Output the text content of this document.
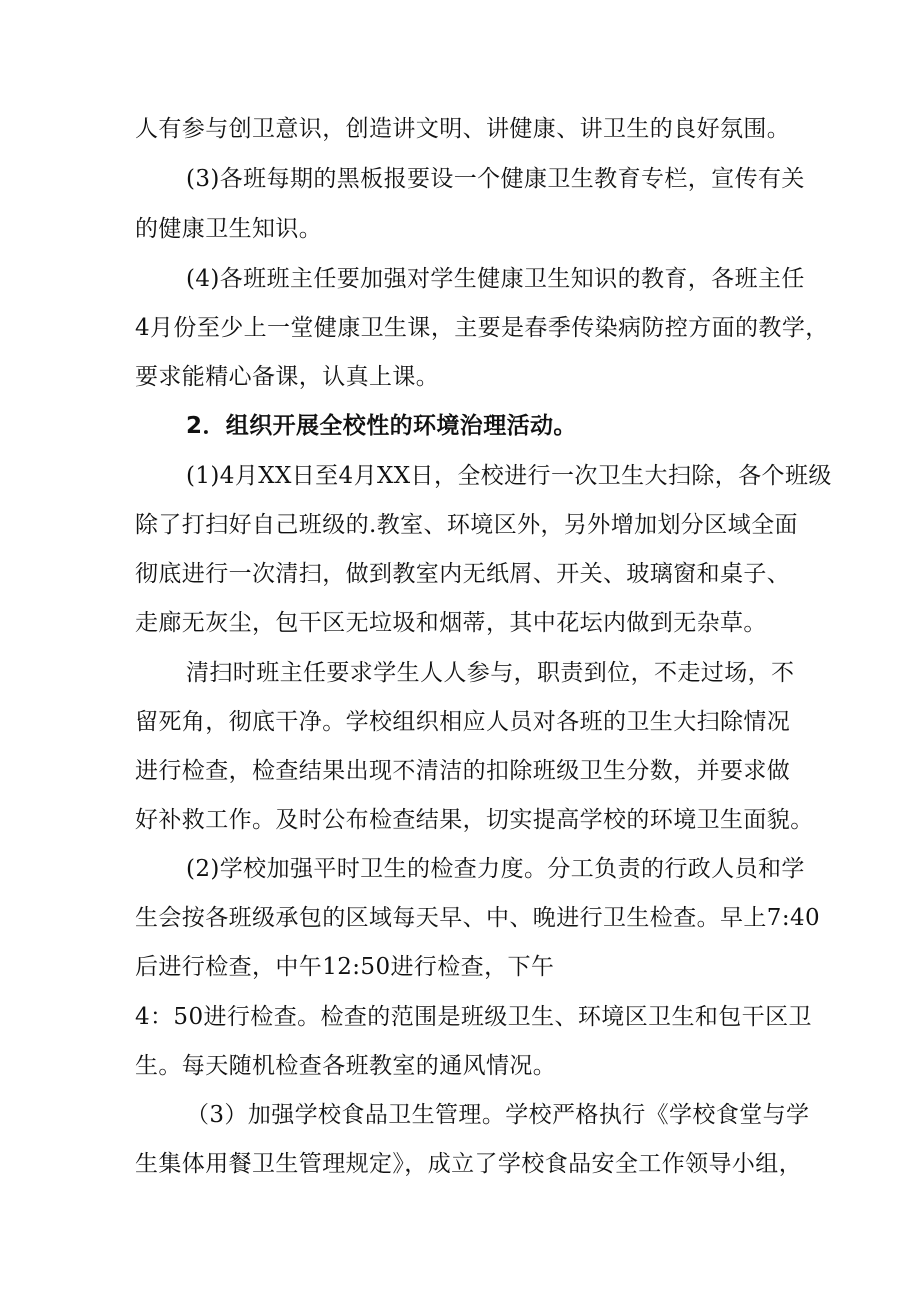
人有参与创卫意识，创造讲文明、讲健康、讲卫生的良好氛围。
(3)各班每期的黑板报要设一个健康卫生教育专栏，宣传有关
的健康卫生知识。
(4)各班班主任要加强对学生健康卫生知识的教育，各班主任
4月份至少上一堂健康卫生课，主要是春季传染病防控方面的教学，
要求能精心备课，认真上课。
2．组织开展全校性的环境治理活动。
(1)4月XX日至4月XX日，全校进行一次卫生大扫除，各个班级
除了打扫好自己班级的.教室、环境区外，另外增加划分区域全面
彻底进行一次清扫，做到教室内无纸屑、开关、玻璃窗和桌子、
走廊无灰尘，包干区无垃圾和烟蒂，其中花坛内做到无杂草。
清扫时班主任要求学生人人参与，职责到位，不走过场，不
留死角，彻底干净。学校组织相应人员对各班的卫生大扫除情况
进行检查，检查结果出现不清洁的扣除班级卫生分数，并要求做
好补救工作。及时公布检查结果，切实提高学校的环境卫生面貌。
(2)学校加强平时卫生的检查力度。分工负责的行政人员和学
生会按各班级承包的区域每天早、中、晚进行卫生检查。早上7:40
后进行检查，中午12:50进行检查，下午
4：50进行检查。检查的范围是班级卫生、环境区卫生和包干区卫
生。每天随机检查各班教室的通风情况。
（3）加强学校食品卫生管理。学校严格执行《学校食堂与学
生集体用餐卫生管理规定》，成立了学校食品安全工作领导小组，
